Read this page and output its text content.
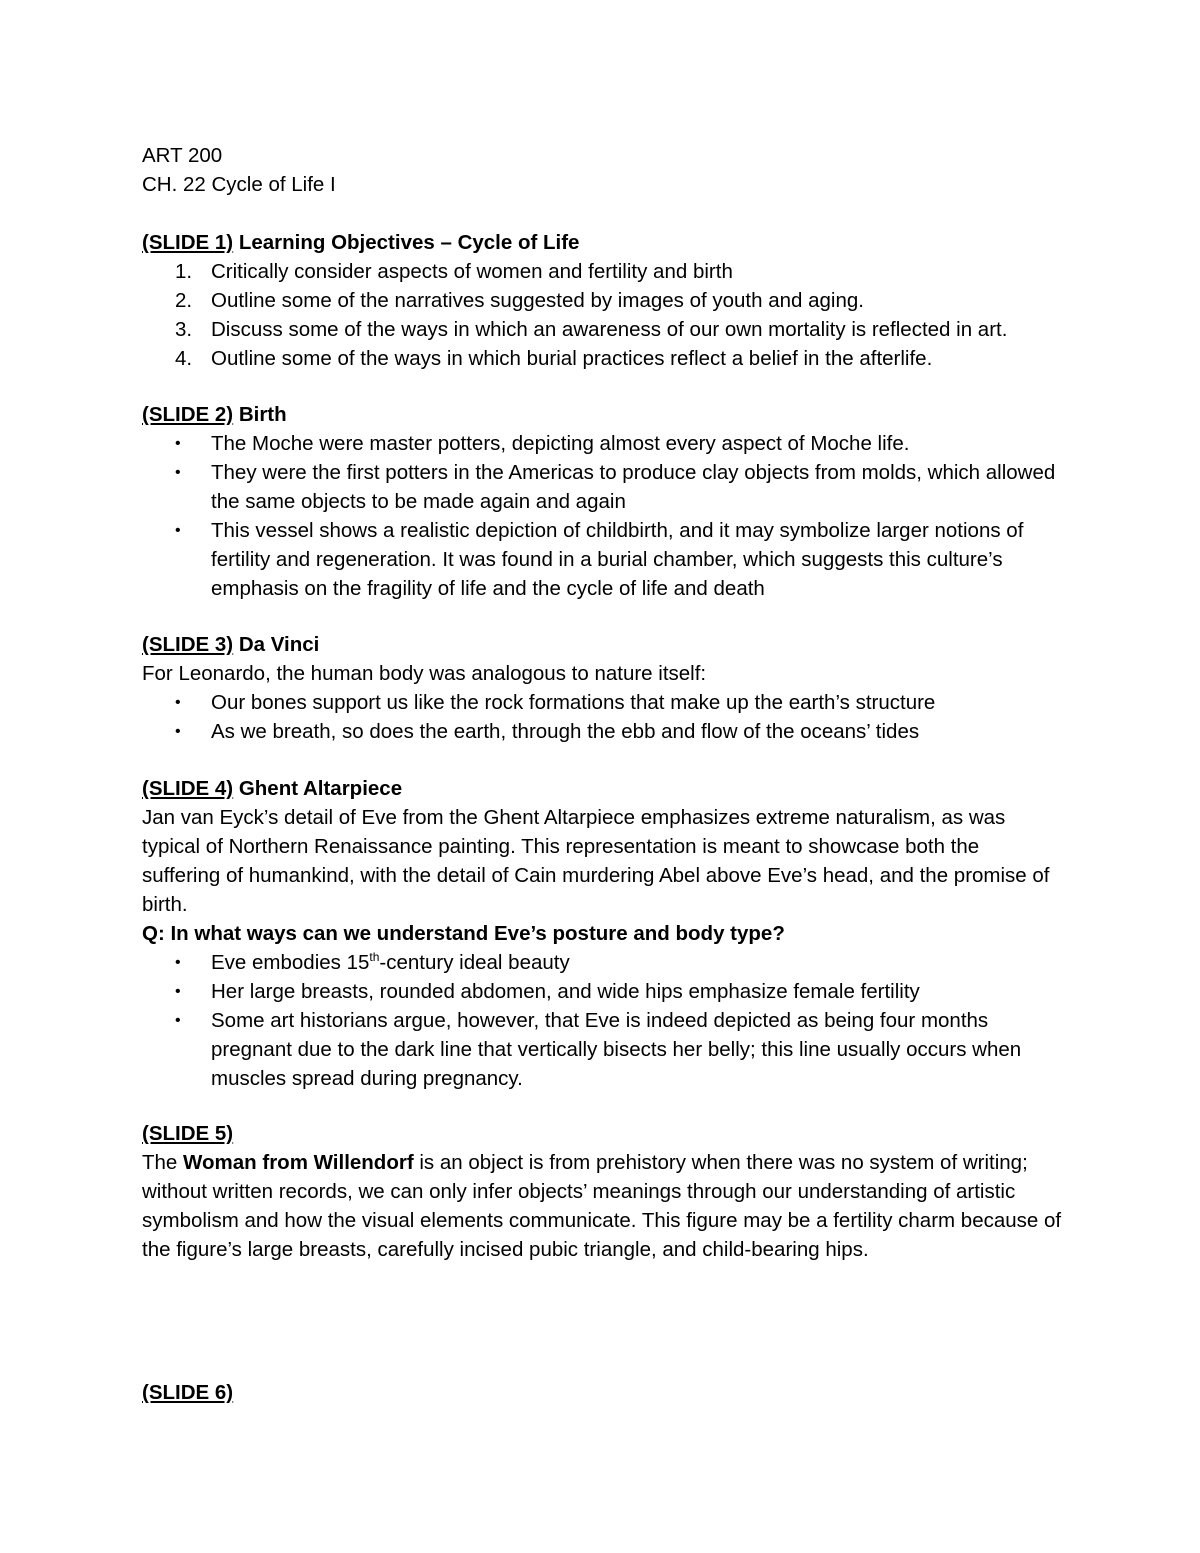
ART 200
CH. 22 Cycle of Life I
(SLIDE 1) Learning Objectives – Cycle of Life
1. Critically consider aspects of women and fertility and birth
2. Outline some of the narratives suggested by images of youth and aging.
3. Discuss some of the ways in which an awareness of our own mortality is reflected in art.
4. Outline some of the ways in which burial practices reflect a belief in the afterlife.
(SLIDE 2) Birth
• The Moche were master potters, depicting almost every aspect of Moche life.
• They were the first potters in the Americas to produce clay objects from molds, which allowed the same objects to be made again and again
• This vessel shows a realistic depiction of childbirth, and it may symbolize larger notions of fertility and regeneration. It was found in a burial chamber, which suggests this culture’s emphasis on the fragility of life and the cycle of life and death
(SLIDE 3) Da Vinci
For Leonardo, the human body was analogous to nature itself:
• Our bones support us like the rock formations that make up the earth’s structure
• As we breath, so does the earth, through the ebb and flow of the oceans’ tides
(SLIDE 4) Ghent Altarpiece
Jan van Eyck’s detail of Eve from the Ghent Altarpiece emphasizes extreme naturalism, as was typical of Northern Renaissance painting. This representation is meant to showcase both the suffering of humankind, with the detail of Cain murdering Abel above Eve’s head, and the promise of birth.
Q: In what ways can we understand Eve’s posture and body type?
• Eve embodies 15th-century ideal beauty
• Her large breasts, rounded abdomen, and wide hips emphasize female fertility
• Some art historians argue, however, that Eve is indeed depicted as being four months pregnant due to the dark line that vertically bisects her belly; this line usually occurs when muscles spread during pregnancy.
(SLIDE 5)
The Woman from Willendorf is an object is from prehistory when there was no system of writing; without written records, we can only infer objects’ meanings through our understanding of artistic symbolism and how the visual elements communicate. This figure may be a fertility charm because of the figure’s large breasts, carefully incised pubic triangle, and child-bearing hips.
(SLIDE 6)
